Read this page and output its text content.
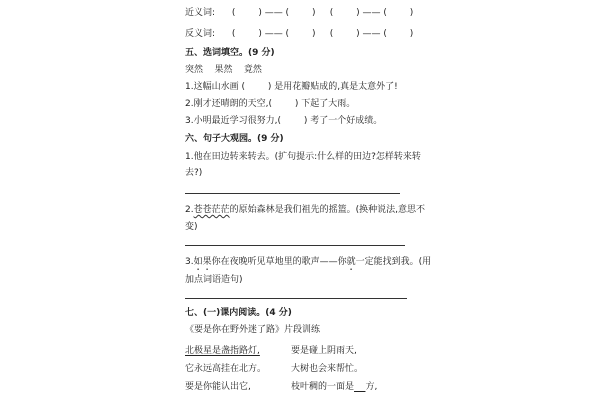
近义词: (        ) —— (        )     (        ) —— (        )
反义词: (        ) —— (        )     (        ) —— (        )
五、选词填空。(9 分)
突然    果然    竟然
1.这幅山水画 (        ) 是用花瓣贴成的,真是太意外了!
2.刚才还晴朗的天空,(        ) 下起了大雨。
3.小明最近学习很努力,(        ) 考了一个好成绩。
六、句子大观园。(9 分)
1.他在田边转来转去。(扩句提示:什么样的田边?怎样转来转
去?)
2.苍苍茫茫的原始森林是我们祖先的摇篮。(换种说法,意思不
变)
3.如果你在夜晚听见草地里的歌声——你就一定能找到我。(用
加点词语造句)
七、(一)课内阅读。(4 分)
《要是你在野外迷了路》片段训练
北极星是盏指路灯,	要是碰上阴雨天,
它永远高挂在北方。	大树也会来帮忙。
要是你能认出它,	枝叶稠的一面是 方,
